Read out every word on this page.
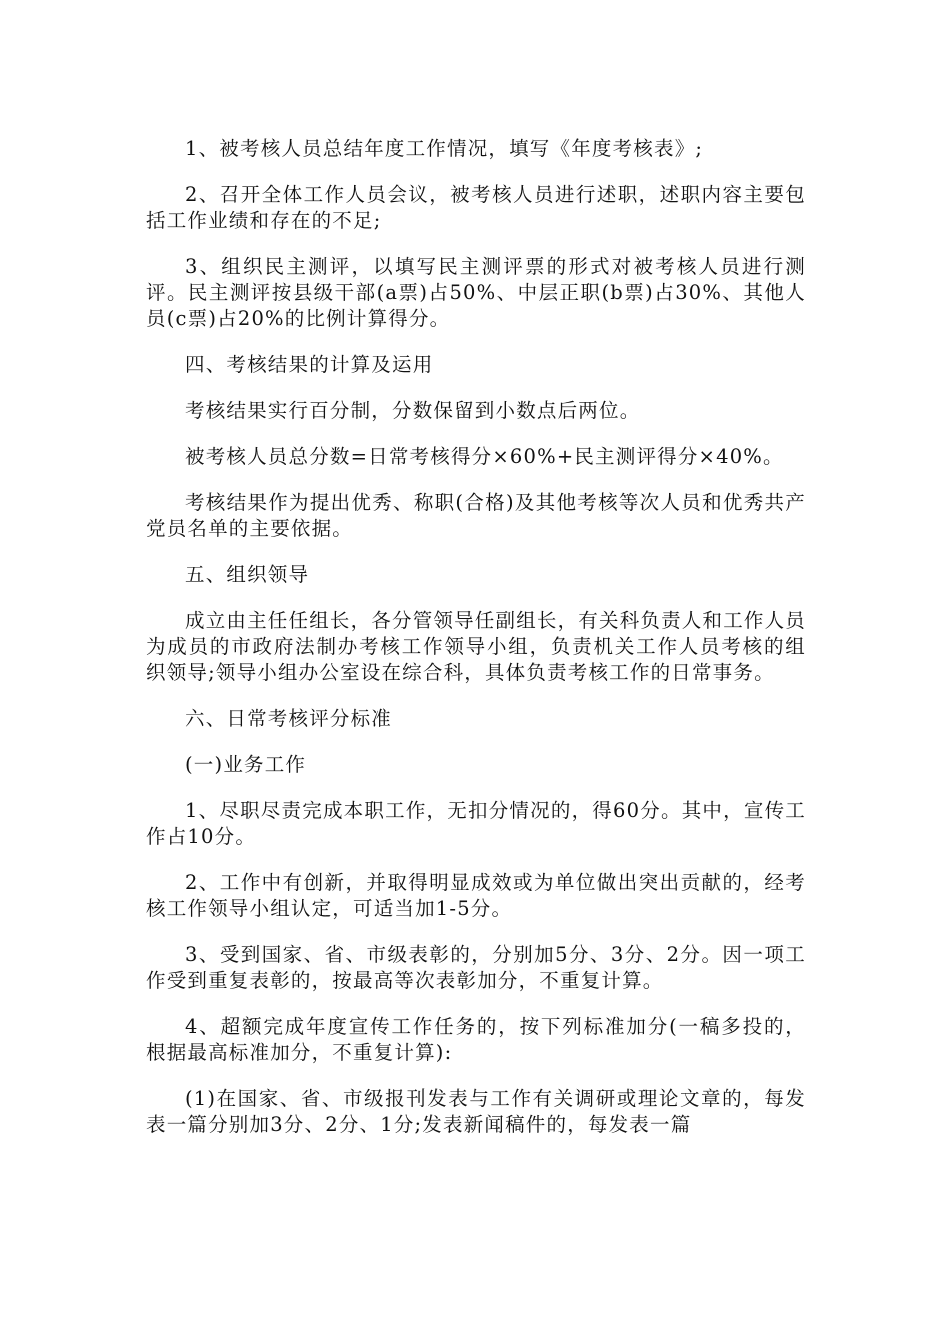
1、被考核人员总结年度工作情况，填写《年度考核表》;

2、召开全体工作人员会议，被考核人员进行述职，述职内容主要包括工作业绩和存在的不足;

3、组织民主测评，以填写民主测评票的形式对被考核人员进行测评。民主测评按县级干部(a票)占50%、中层正职(b票)占30%、其他人员(c票)占20%的比例计算得分。

四、考核结果的计算及运用

考核结果实行百分制，分数保留到小数点后两位。

被考核人员总分数=日常考核得分×60%+民主测评得分×40%。

考核结果作为提出优秀、称职(合格)及其他考核等次人员和优秀共产党员名单的主要依据。

五、组织领导

成立由主任任组长，各分管领导任副组长，有关科负责人和工作人员为成员的市政府法制办考核工作领导小组，负责机关工作人员考核的组织领导;领导小组办公室设在综合科，具体负责考核工作的日常事务。

六、日常考核评分标准

(一)业务工作

1、尽职尽责完成本职工作，无扣分情况的，得60分。其中，宣传工作占10分。

2、工作中有创新，并取得明显成效或为单位做出突出贡献的，经考核工作领导小组认定，可适当加1-5分。

3、受到国家、省、市级表彰的，分别加5分、3分、2分。因一项工作受到重复表彰的，按最高等次表彰加分，不重复计算。

4、超额完成年度宣传工作任务的，按下列标准加分(一稿多投的，根据最高标准加分，不重复计算):

(1)在国家、省、市级报刊发表与工作有关调研或理论文章的，每发表一篇分别加3分、2分、1分;发表新闻稿件的，每发表一篇
